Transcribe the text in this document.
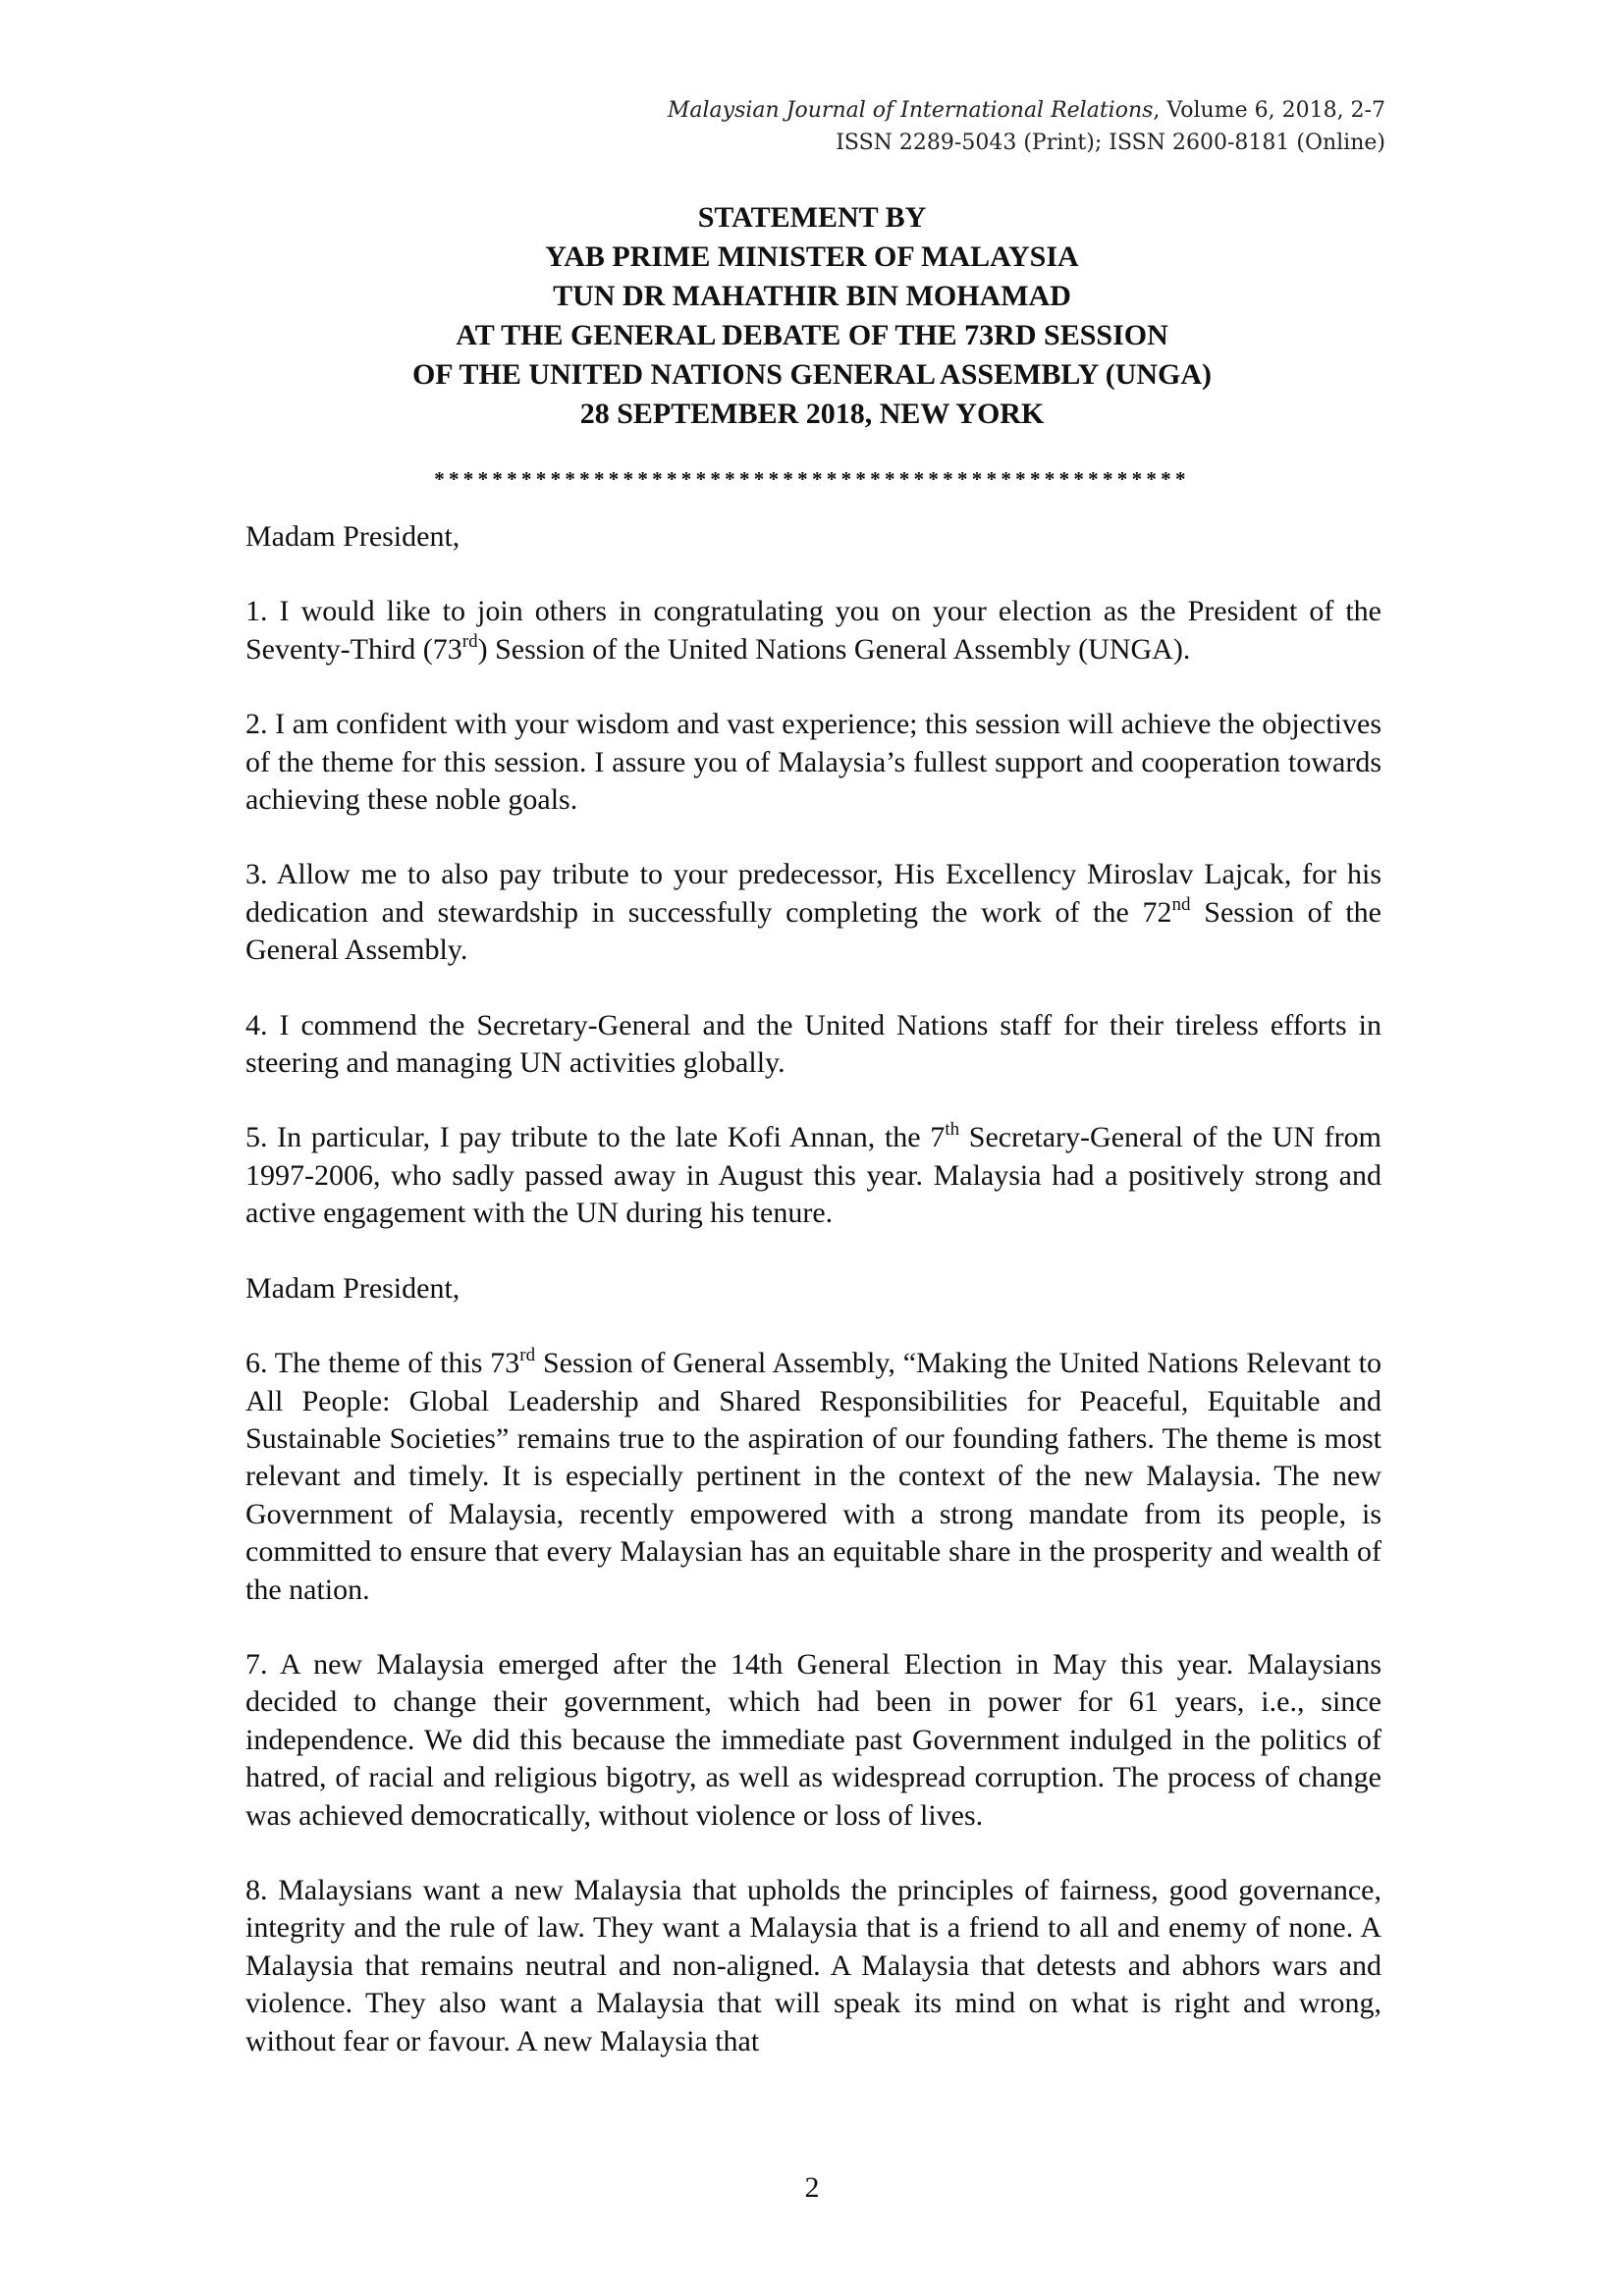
Malaysian Journal of International Relations, Volume 6, 2018, 2-7
ISSN 2289-5043 (Print); ISSN 2600-8181 (Online)
STATEMENT BY
YAB PRIME MINISTER OF MALAYSIA
TUN DR MAHATHIR BIN MOHAMAD
AT THE GENERAL DEBATE OF THE 73RD SESSION
OF THE UNITED NATIONS GENERAL ASSEMBLY (UNGA)
28 SEPTEMBER 2018, NEW YORK
****************************************************

Madam President,

1. I would like to join others in congratulating you on your election as the President of the Seventy-Third (73rd) Session of the United Nations General Assembly (UNGA).

2. I am confident with your wisdom and vast experience; this session will achieve the objectives of the theme for this session. I assure you of Malaysia’s fullest support and cooperation towards achieving these noble goals.

3. Allow me to also pay tribute to your predecessor, His Excellency Miroslav Lajcak, for his dedication and stewardship in successfully completing the work of the 72nd Session of the General Assembly.

4. I commend the Secretary-General and the United Nations staff for their tireless efforts in steering and managing UN activities globally.

5. In particular, I pay tribute to the late Kofi Annan, the 7th Secretary-General of the UN from 1997-2006, who sadly passed away in August this year. Malaysia had a positively strong and active engagement with the UN during his tenure.

Madam President,

6. The theme of this 73rd Session of General Assembly, “Making the United Nations Relevant to All People: Global Leadership and Shared Responsibilities for Peaceful, Equitable and Sustainable Societies” remains true to the aspiration of our founding fathers. The theme is most relevant and timely. It is especially pertinent in the context of the new Malaysia. The new Government of Malaysia, recently empowered with a strong mandate from its people, is committed to ensure that every Malaysian has an equitable share in the prosperity and wealth of the nation.

7. A new Malaysia emerged after the 14th General Election in May this year. Malaysians decided to change their government, which had been in power for 61 years, i.e., since independence. We did this because the immediate past Government indulged in the politics of hatred, of racial and religious bigotry, as well as widespread corruption. The process of change was achieved democratically, without violence or loss of lives.

8. Malaysians want a new Malaysia that upholds the principles of fairness, good governance, integrity and the rule of law. They want a Malaysia that is a friend to all and enemy of none. A Malaysia that remains neutral and non-aligned. A Malaysia that detests and abhors wars and violence. They also want a Malaysia that will speak its mind on what is right and wrong, without fear or favour. A new Malaysia that

2
